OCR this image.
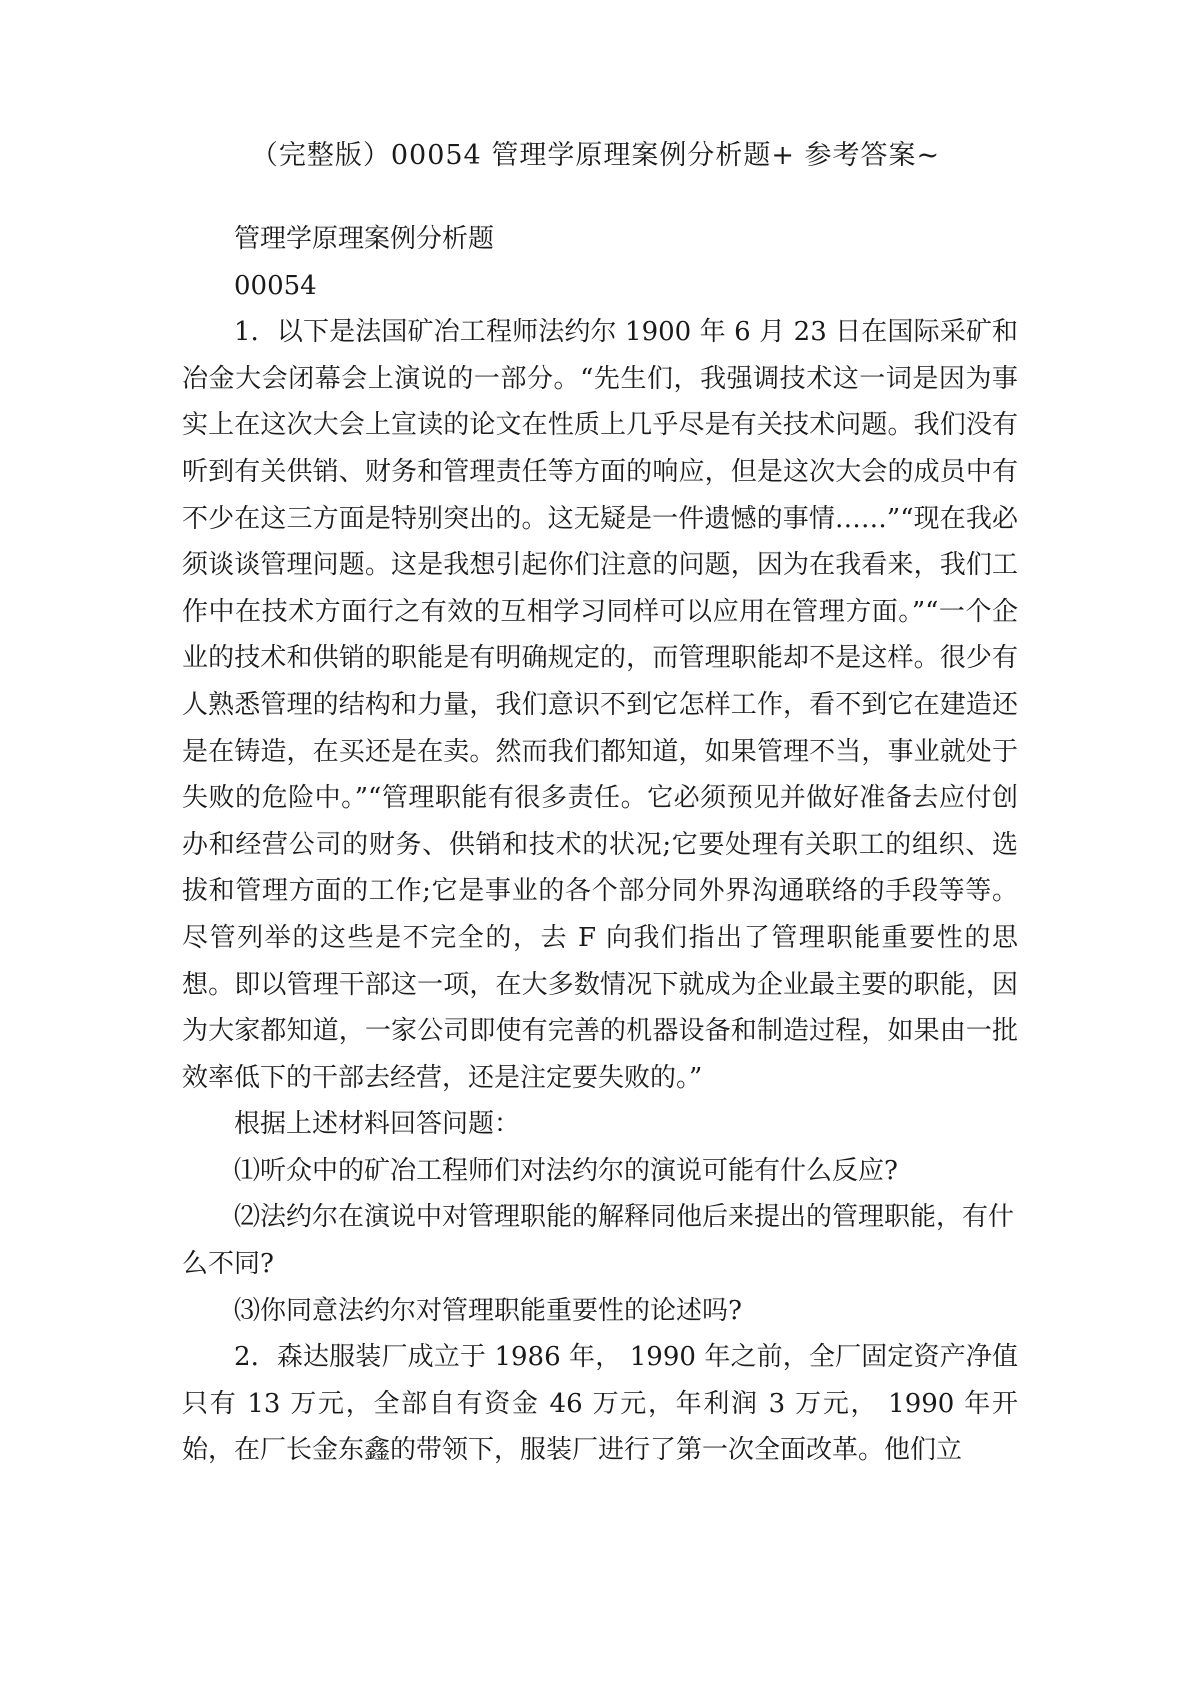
（完整版）00054 管理学原理案例分析题+ 参考答案~

管理学原理案例分析题

00054

1．以下是法国矿冶工程师法约尔 1900 年 6 月 23 日在国际采矿和冶金大会闭幕会上演说的一部分。“先生们，我强调技术这一词是因为事实上在这次大会上宣读的论文在性质上几乎尽是有关技术问题。我们没有听到有关供销、财务和管理责任等方面的响应，但是这次大会的成员中有不少在这三方面是特别突出的。这无疑是一件遗憾的事情……”“现在我必须谈谈管理问题。这是我想引起你们注意的问题，因为在我看来，我们工作中在技术方面行之有效的互相学习同样可以应用在管理方面。”“一个企业的技术和供销的职能是有明确规定的，而管理职能却不是这样。很少有人熟悉管理的结构和力量，我们意识不到它怎样工作，看不到它在建造还是在铸造，在买还是在卖。然而我们都知道，如果管理不当，事业就处于失败的危险中。”“管理职能有很多责任。它必须预见并做好准备去应付创办和经营公司的财务、供销和技术的状况;它要处理有关职工的组织、选拔和管理方面的工作;它是事业的各个部分同外界沟通联络的手段等等。尽管列举的这些是不完全的，去 F 向我们指出了管理职能重要性的思想。即以管理干部这一项，在大多数情况下就成为企业最主要的职能，因为大家都知道，一家公司即使有完善的机器设备和制造过程，如果由一批效率低下的干部去经营，还是注定要失败的。”

根据上述材料回答问题：

⑴听众中的矿冶工程师们对法约尔的演说可能有什么反应?

⑵法约尔在演说中对管理职能的解释同他后来提出的管理职能，有什么不同?

⑶你同意法约尔对管理职能重要性的论述吗?

2．森达服装厂成立于 1986 年， 1990 年之前，全厂固定资产净值只有 13 万元，全部自有资金 46 万元，年利润 3 万元， 1990 年开始，在厂长金东鑫的带领下，服装厂进行了第一次全面改革。他们立
